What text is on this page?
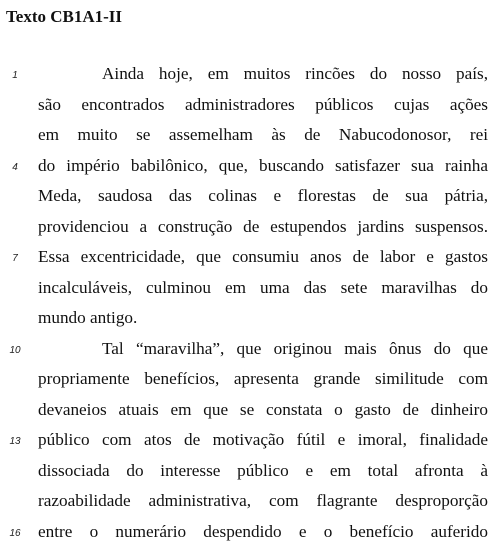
Texto CB1A1-II
1	Ainda hoje, em muitos rincões do nosso país,
são encontrados administradores públicos cujas ações
em muito se assemelham às de Nabucodonosor, rei
4 do império babilônico, que, buscando satisfazer sua rainha
Meda, saudosa das colinas e florestas de sua pátria,
providenciou a construção de estupendos jardins suspensos.
7 Essa excentricidade, que consumiu anos de labor e gastos
incalculáveis, culminou em uma das sete maravilhas do
mundo antigo.
10	Tal “maravilha”, que originou mais ônus do que
propriamente benefícios, apresenta grande similitude com
devaneios atuais em que se constata o gasto de dinheiro
13 público com atos de motivação fútil e imoral, finalidade
dissociada do interesse público e em total afronta à
razoabilidade administrativa, com flagrante desproporção
16 entre o numerário despendido e o benefício auferido
